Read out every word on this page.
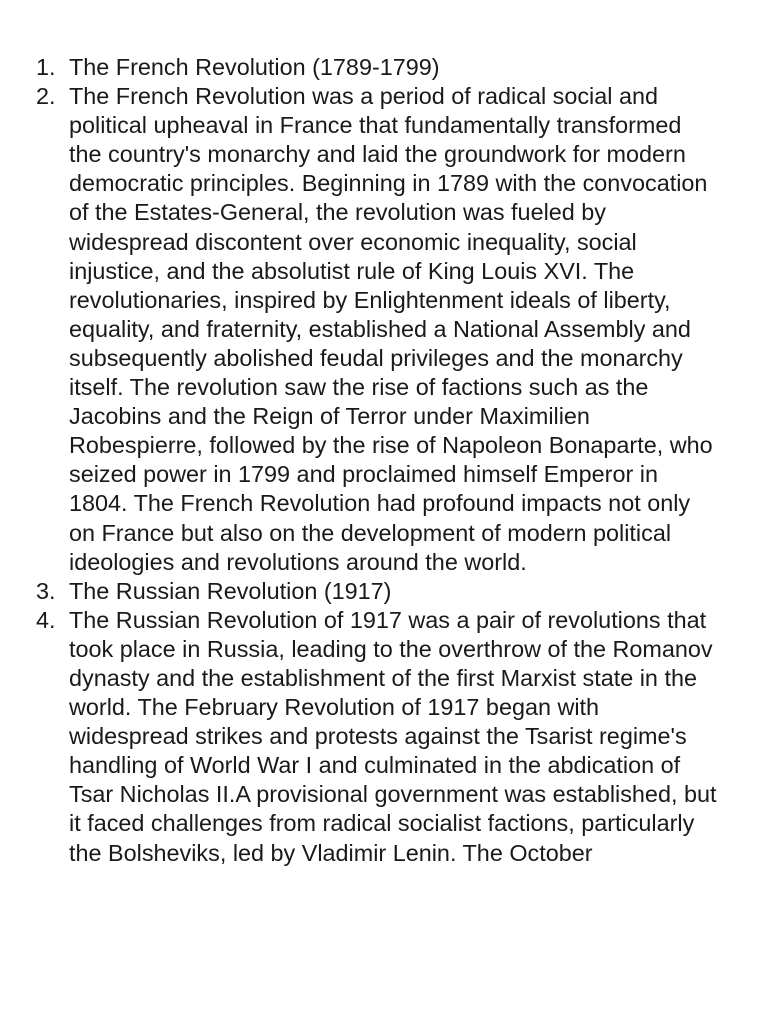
1. The French Revolution (1789-1799)
2. The French Revolution was a period of radical social and political upheaval in France that fundamentally transformed the country's monarchy and laid the groundwork for modern democratic principles. Beginning in 1789 with the convocation of the Estates-General, the revolution was fueled by widespread discontent over economic inequality, social injustice, and the absolutist rule of King Louis XVI. The revolutionaries, inspired by Enlightenment ideals of liberty, equality, and fraternity, established a National Assembly and subsequently abolished feudal privileges and the monarchy itself. The revolution saw the rise of factions such as the Jacobins and the Reign of Terror under Maximilien Robespierre, followed by the rise of Napoleon Bonaparte, who seized power in 1799 and proclaimed himself Emperor in 1804. The French Revolution had profound impacts not only on France but also on the development of modern political ideologies and revolutions around the world.
3. The Russian Revolution (1917)
4. The Russian Revolution of 1917 was a pair of revolutions that took place in Russia, leading to the overthrow of the Romanov dynasty and the establishment of the first Marxist state in the world. The February Revolution of 1917 began with widespread strikes and protests against the Tsarist regime's handling of World War I and culminated in the abdication of Tsar Nicholas II.A provisional government was established, but it faced challenges from radical socialist factions, particularly the Bolsheviks, led by Vladimir Lenin. The October
